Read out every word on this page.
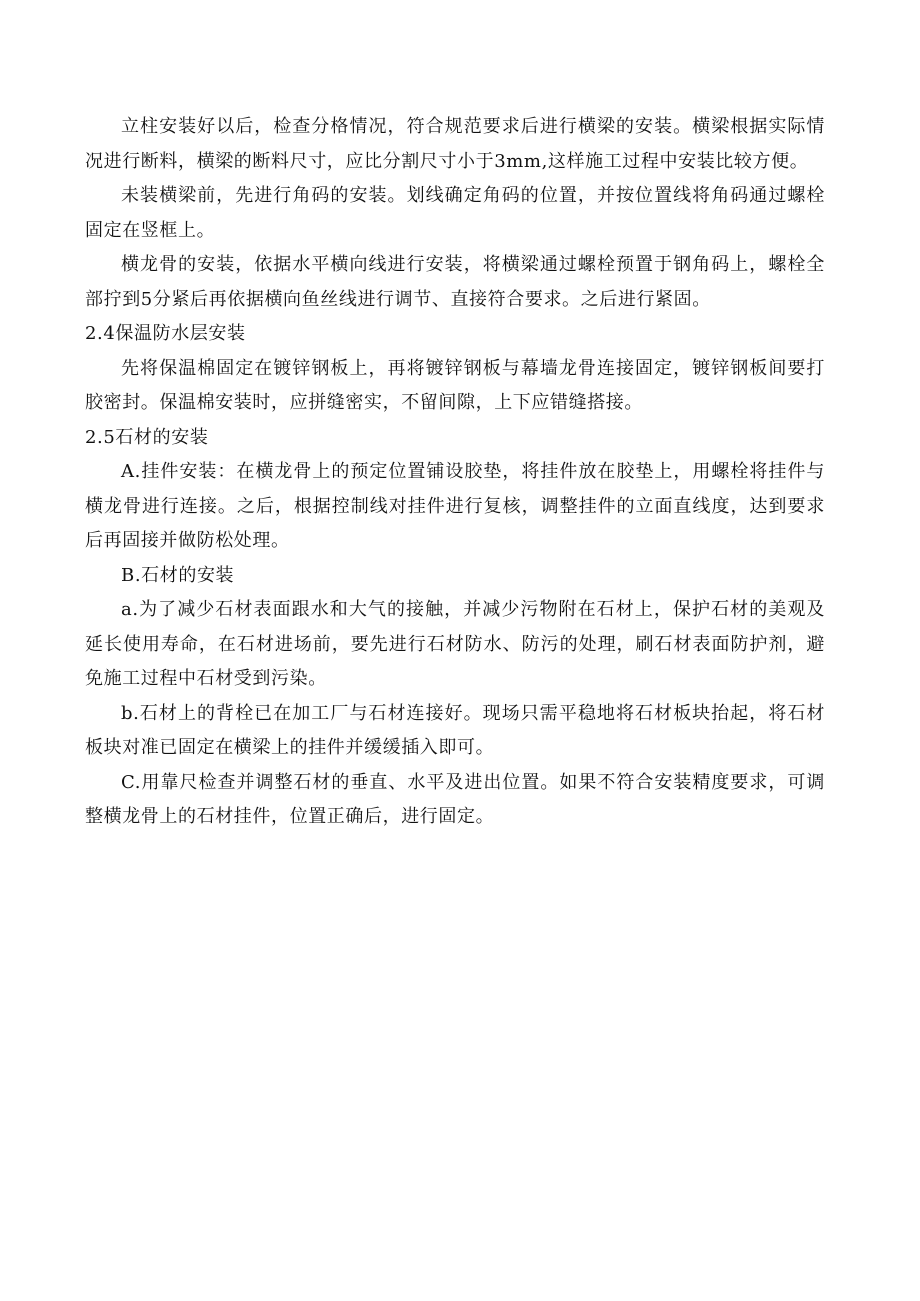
立柱安装好以后，检查分格情况，符合规范要求后进行横梁的安装。横梁根据实际情况进行断料，横梁的断料尺寸，应比分割尺寸小于3mm,这样施工过程中安装比较方便。

未装横梁前，先进行角码的安装。划线确定角码的位置，并按位置线将角码通过螺栓固定在竖框上。

横龙骨的安装，依据水平横向线进行安装，将横梁通过螺栓预置于钢角码上，螺栓全部拧到5分紧后再依据横向鱼丝线进行调节、直接符合要求。之后进行紧固。

2.4保温防水层安装

先将保温棉固定在镀锌钢板上，再将镀锌钢板与幕墙龙骨连接固定，镀锌钢板间要打胶密封。保温棉安装时，应拼缝密实，不留间隙，上下应错缝搭接。

2.5石材的安装

A.挂件安装：在横龙骨上的预定位置铺设胶垫，将挂件放在胶垫上，用螺栓将挂件与横龙骨进行连接。之后，根据控制线对挂件进行复核，调整挂件的立面直线度，达到要求后再固接并做防松处理。

B.石材的安装

a.为了减少石材表面跟水和大气的接触，并减少污物附在石材上，保护石材的美观及延长使用寿命，在石材进场前，要先进行石材防水、防污的处理，刷石材表面防护剂，避免施工过程中石材受到污染。

b.石材上的背栓已在加工厂与石材连接好。现场只需平稳地将石材板块抬起，将石材板块对准已固定在横梁上的挂件并缓缓插入即可。

C.用靠尺检查并调整石材的垂直、水平及进出位置。如果不符合安装精度要求，可调整横龙骨上的石材挂件，位置正确后，进行固定。
